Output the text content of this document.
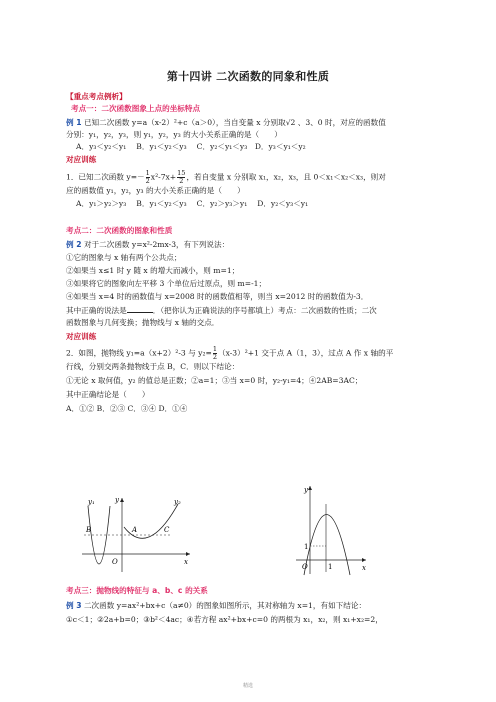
第十四讲 二次函数的同象和性质
【重点考点例析】
考点一：二次函数图象上点的坐标特点
例 1 已知二次函数 y=a（x-2）²+c（a＞0），当自变量 x 分别取√2 、3、0 时，对应的函数值
分别：y₁，y₂，y₃，则 y₁，y₂，y₃ 的大小关系正确的是（　　）
A．y₃＜y₂＜y₁　 B．y₁＜y₂＜y₃　 C．y₂＜y₁＜y₃　D．y₃＜y₁＜y₂
对应训练
1．已知二次函数 $y=- \frac{1}{2} x^2-7x+ \frac{15}{2}$ ，若自变量 x 分别取 x₁，x₂，x₃，且 0＜x₁＜x₂＜x₃，则对
应的函数值 y₁，y₂，y₃ 的大小关系正确的是（　　）
A．y₁＞y₂＞y₃　 B．y₁＜y₂＜y₃　 C．y₂＞y₃＞y₁　 D．y₂＜y₃＜y₁
考点二：二次函数的图象和性质
例 2 对于二次函数 y=x²-2mx-3，有下列说法：
①它的图象与 x 轴有两个公共点；
②如果当 x≤1 时 y 随 x 的增大而减小，则 m=1；
③如果将它的图象向左平移 3 个单位后过原点，则 m=-1；
④如果当 x=4 时的函数值与 x=2008 时的函数值相等，则当 x=2012 时的函数值为-3．
其中正确的说法是	．（把你认为正确说法的序号都填上）考点：二次函数的性质；二次
函数图象与几何变换；抛物线与 x 轴的交点．
对应训练
2．如图，抛物线 y₁=a（x+2）²-3 与 $y_2= \frac{1}{2} (x-3)^2+1$ 交于点 A（1，3），过点 A 作 x 轴的平
行线，分别交两条抛物线于点 B，C．则以下结论：
①无论 x 取何值，y₂ 的值总是正数；②a=1；③当 x=0 时，y₂-y₁=4；④2AB=3AC；
其中正确结论是（　　）
A．①② B．②③ C．③④ D．①④
y₁	y₂
y
B	A	C
O	x
y
x
O	1
1
考点三：抛物线的特征与 a、b、c 的关系
例 3 二次函数 y=ax²+bx+c（a≠0）的图象如图所示，其对称轴为 x=1，有如下结论：
①c＜1；②2a+b=0；③b²＜4ac；④若方程 ax²+bx+c=0 的两根为 x₁，x₂，则 x₁+x₂=2，
精选
